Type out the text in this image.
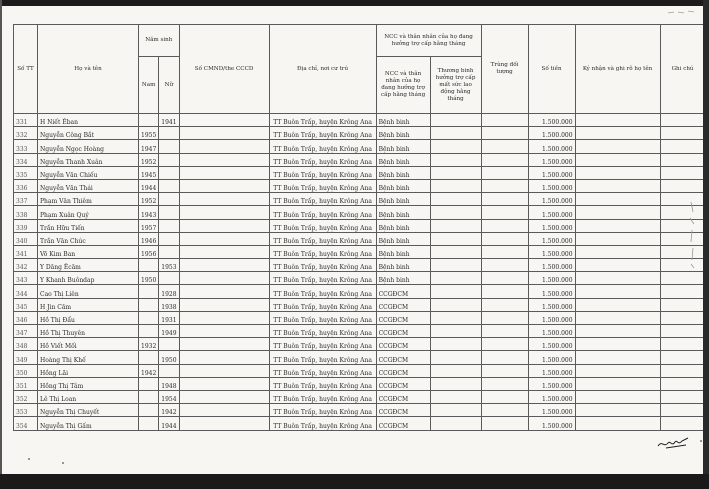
Số TT	Họ và tên	Năm sinh		Số CMND/the CCCD	Địa chỉ, nơi cư trú	NCC và thân nhân của họ đang hưởng trợ cấp hằng tháng		Trùng đối tượng	Số tiền	Ký nhận và ghi rõ họ tên	Ghi chú
		Nam	Nữ			NCC và thân nhân của họ đang hưởng trợ cấp hằng tháng	Thương binh hưởng trợ cấp mất sức lao động hằng tháng				
331	H Niết Êban		1941		TT Buôn Trấp, huyện Krông Ana	Bệnh binh			1.500.000		
332	Nguyễn Công Bắt	1955			TT Buôn Trấp, huyện Krông Ana	Bệnh binh			1.500.000		
333	Nguyễn Ngọc Hoàng	1947			TT Buôn Trấp, huyện Krông Ana	Bệnh binh			1.500.000		
334	Nguyễn Thanh Xuân	1952			TT Buôn Trấp, huyện Krông Ana	Bệnh binh			1.500.000		
335	Nguyễn Văn Chiếu	1945			TT Buôn Trấp, huyện Krông Ana	Bệnh binh			1.500.000		
336	Nguyễn Văn Thái	1944			TT Buôn Trấp, huyện Krông Ana	Bệnh binh			1.500.000		
337	Phạm Văn Thiêm	1952			TT Buôn Trấp, huyện Krông Ana	Bệnh binh			1.500.000		
338	Phạm Xuân Quý	1943			TT Buôn Trấp, huyện Krông Ana	Bệnh binh			1.500.000		
339	Trần Hữu Tiến	1957			TT Buôn Trấp, huyện Krông Ana	Bệnh binh			1.500.000		
340	Trần Văn Chúc	1946			TT Buôn Trấp, huyện Krông Ana	Bệnh binh			1.500.000		
341	Võ Kim Ban	1956			TT Buôn Trấp, huyện Krông Ana	Bệnh binh			1.500.000		
342	Y Dăng Êcăm		1953		TT Buôn Trấp, huyện Krông Ana	Bệnh binh			1.500.000		
343	Y Khanh Buôndap	1950			TT Buôn Trấp, huyện Krông Ana	Bệnh binh			1.500.000		
344	Cao Thị Liên		1928		TT Buôn Trấp, huyện Krông Ana	CCGĐCM			1.500.000		
345	H Jin Căm		1938		TT Buôn Trấp, huyện Krông Ana	CCGĐCM			1.500.000		
346	Hồ Thị Đẩu		1931		TT Buôn Trấp, huyện Krông Ana	CCGĐCM			1.500.000		
347	Hồ Thị Thuyên		1949		TT Buôn Trấp, huyện Krông Ana	CCGĐCM			1.500.000		
348	Hồ Viết Mối	1932			TT Buôn Trấp, huyện Krông Ana	CCGĐCM			1.500.000		
349	Hoàng Thị Khế		1950		TT Buôn Trấp, huyện Krông Ana	CCGĐCM			1.500.000		
350	Hồng Lãi	1942			TT Buôn Trấp, huyện Krông Ana	CCGĐCM			1.500.000		
351	Hồng Thị Tâm		1948		TT Buôn Trấp, huyện Krông Ana	CCGĐCM			1.500.000		
352	Lê Thị Loan		1954		TT Buôn Trấp, huyện Krông Ana	CCGĐCM			1.500.000		
353	Nguyễn Thị Chuyết		1942		TT Buôn Trấp, huyện Krông Ana	CCGĐCM			1.500.000		
354	Nguyễn Thị Gấm		1944		TT Buôn Trấp, huyện Krông Ana	CCGĐCM			1.500.000		
